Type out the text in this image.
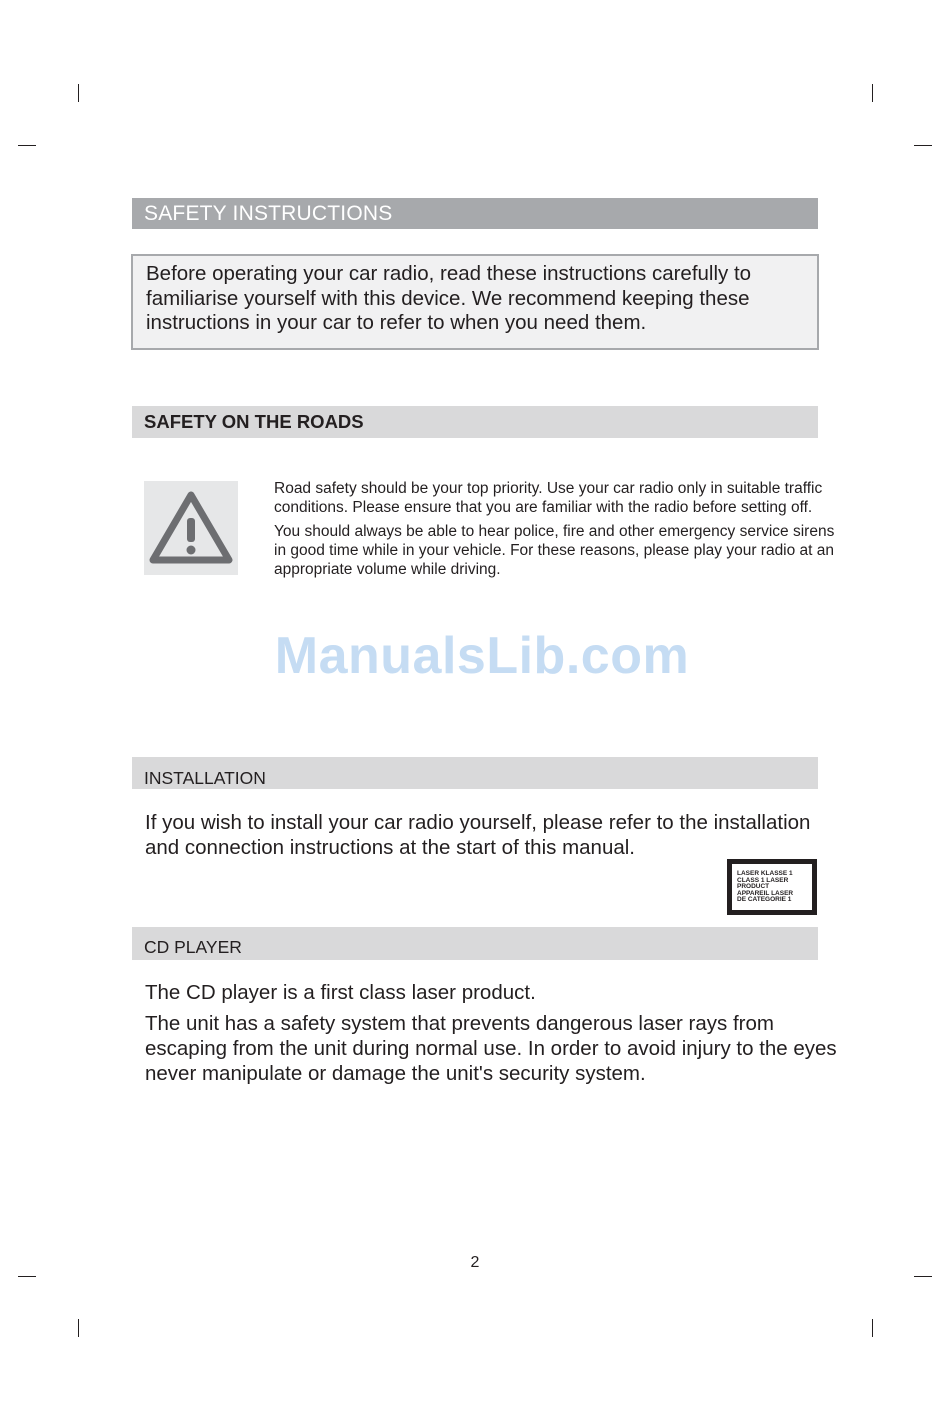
SAFETY INSTRUCTIONS
Before operating your car radio, read these instructions carefully to familiarise yourself with this device. We recommend keeping these instructions in your car to refer to when you need them.
SAFETY ON THE ROADS

Road safety should be your top priority. Use your car radio only in suitable traffic conditions. Please ensure that you are familiar with the radio before setting off.

You should always be able to hear police, fire and other emergency service sirens in good time while in your vehicle. For these reasons, please play your radio at an appropriate volume while driving.

ManualsLib.com
INSTALLATION

If you wish to install your car radio yourself, please refer to the installation and connection instructions at the start of this manual.

LASER KLASSE 1
CLASS 1 LASER
PRODUCT
APPAREIL LASER
DE CATEGORIE 1
CD PLAYER

The CD player is a first class laser product.

The unit has a safety system that prevents dangerous laser rays from escaping from the unit during normal use. In order to avoid injury to the eyes never manipulate or damage the unit's security system.

2
